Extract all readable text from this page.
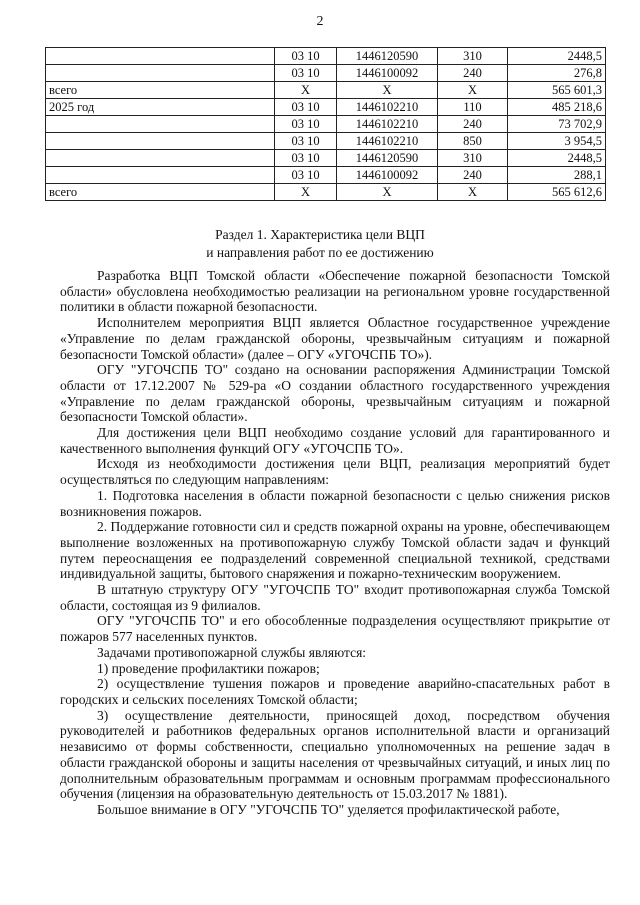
2
	03 10	1446120590	310	2448,5
	03 10	1446100092	240	276,8
всего	Х	Х	Х	565 601,3
2025 год	03 10	1446102210	110	485 218,6
	03 10	1446102210	240	73 702,9
	03 10	1446102210	850	3 954,5
	03 10	1446120590	310	2448,5
	03 10	1446100092	240	288,1
всего	Х	Х	Х	565 612,6
Раздел 1. Характеристика цели ВЦП
и направления работ по ее достижению

Разработка ВЦП Томской области «Обеспечение пожарной безопасности Томской области» обусловлена необходимостью реализации на региональном уровне государственной политики в области пожарной безопасности.

Исполнителем мероприятия ВЦП является Областное государственное учреждение «Управление по делам гражданской обороны, чрезвычайным ситуациям и пожарной безопасности Томской области» (далее – ОГУ «УГОЧСПБ ТО»).

ОГУ "УГОЧСПБ ТО" создано на основании распоряжения Администрации Томской области от 17.12.2007 № 529-ра «О создании областного государственного учреждения «Управление по делам гражданской обороны, чрезвычайным ситуациям и пожарной безопасности Томской области».

Для достижения цели ВЦП необходимо создание условий для гарантированного и качественного выполнения функций ОГУ «УГОЧСПБ ТО».

Исходя из необходимости достижения цели ВЦП, реализация мероприятий будет осуществляться по следующим направлениям:

1. Подготовка населения в области пожарной безопасности с целью снижения рисков возникновения пожаров.

2. Поддержание готовности сил и средств пожарной охраны на уровне, обеспечивающем выполнение возложенных на противопожарную службу Томской области задач и функций путем переоснащения ее подразделений современной специальной техникой, средствами индивидуальной защиты, бытового снаряжения и пожарно-техническим вооружением.

В штатную структуру ОГУ "УГОЧСПБ ТО" входит противопожарная служба Томской области, состоящая из 9 филиалов.

ОГУ "УГОЧСПБ ТО" и его обособленные подразделения осуществляют прикрытие от пожаров 577 населенных пунктов.

Задачами противопожарной службы являются:

1) проведение профилактики пожаров;

2) осуществление тушения пожаров и проведение аварийно-спасательных работ в городских и сельских поселениях Томской области;

3) осуществление деятельности, приносящей доход, посредством обучения руководителей и работников федеральных органов исполнительной власти и организаций независимо от формы собственности, специально уполномоченных на решение задач в области гражданской обороны и защиты населения от чрезвычайных ситуаций, и иных лиц по дополнительным образовательным программам и основным программам профессионального обучения (лицензия на образовательную деятельность от 15.03.2017 № 1881).

Большое внимание в ОГУ "УГОЧСПБ ТО" уделяется профилактической работе,
